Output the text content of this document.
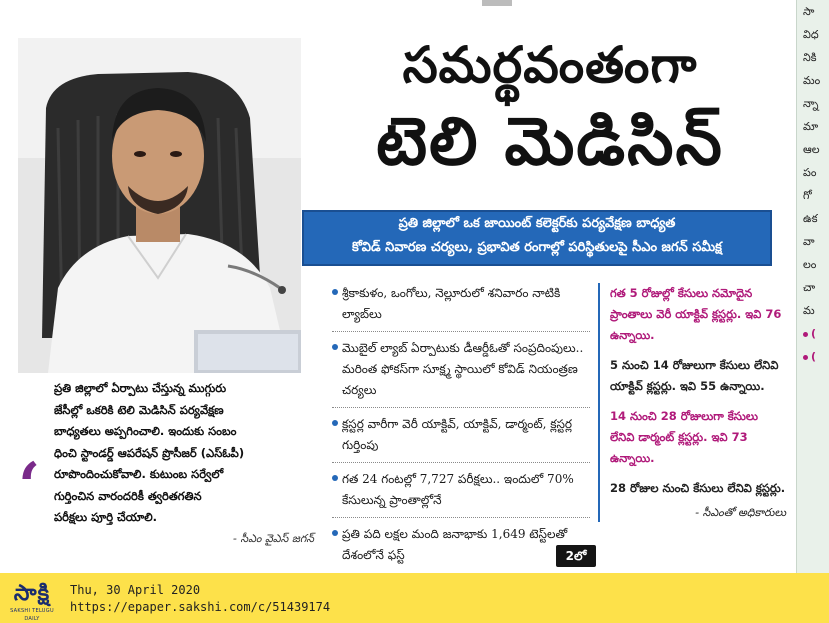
సమర్థవంతంగా
టెలి మెడిసిన్
ప్రతి జిల్లాలో ఒక జాయింట్ కలెక్టర్‌కు పర్యవేక్షణ బాధ్యత
కోవిడ్ నివారణ చర్యలు, ప్రభావిత రంగాల్లో పరిస్థితులపై సీఎం జగన్ సమీక్ష
శ్రీకాకుళం, ఒంగోలు, నెల్లూరులో శనివారం నాటికి ల్యాబ్‌లు
మొబైల్ ల్యాబ్ ఏర్పాటుకు డీఆర్డీఓతో సంప్రదింపులు.. మరింత ఫోకస్‌గా సూక్ష్మ స్థాయిలో కోవిడ్ నియంత్రణ చర్యలు
క్లస్టర్ల వారీగా వెరీ యాక్టివ్, యాక్టివ్, డార్మంట్, క్లస్టర్ల గుర్తింపు
గత 24 గంటల్లో 7,727 పరీక్షలు.. ఇందులో 70% కేసులున్న ప్రాంతాల్లోనే
ప్రతి పది లక్షల మంది జనాభాకు 1,649 టెస్ట్‌లతో దేశంలోనే ఫస్ట్
గత 5 రోజుల్లో కేసులు నమోదైన ప్రాంతాలు వెరీ యాక్టివ్ క్లస్టర్లు. ఇవి 76 ఉన్నాయి.
5 నుంచి 14 రోజులుగా కేసులు లేనివి యాక్టివ్ క్లస్టర్లు. ఇవి 55 ఉన్నాయి.
14 నుంచి 28 రోజులుగా కేసులు లేనివి డార్మంట్ క్లస్టర్లు. ఇవి 73 ఉన్నాయి.
28 రోజుల నుంచి కేసులు లేనివి క్లస్టర్లు.
- సీఎంతో అధికారులు
2లో
‘
ప్రతి జిల్లాలో ఏర్పాటు చేస్తున్న ముగ్గురు
జేసీల్లో ఒకరికి టెలి మెడిసిన్ పర్యవేక్షణ
బాధ్యతలు అప్పగించాలి. ఇందుకు సంబం
ధించి స్టాండర్డ్ ఆపరేషన్ ప్రొసీజర్ (ఎస్ఓపీ)
రూపొందించుకోవాలి. కుటుంబ సర్వేలో
గుర్తించిన వారందరికీ త్వరితగతిన
పరీక్షలు పూర్తి చేయాలి.
- సీఎం వైఎస్ జగన్
సా
విధ
నికి
మం
న్నా
మా
ఆల
పం
గో
ఉక
వా
లం
చా
మ
(
(
సాక్షి
SAKSHI TELUGU DAILY
Thu, 30 April 2020
https://epaper.sakshi.com/c/51439174
